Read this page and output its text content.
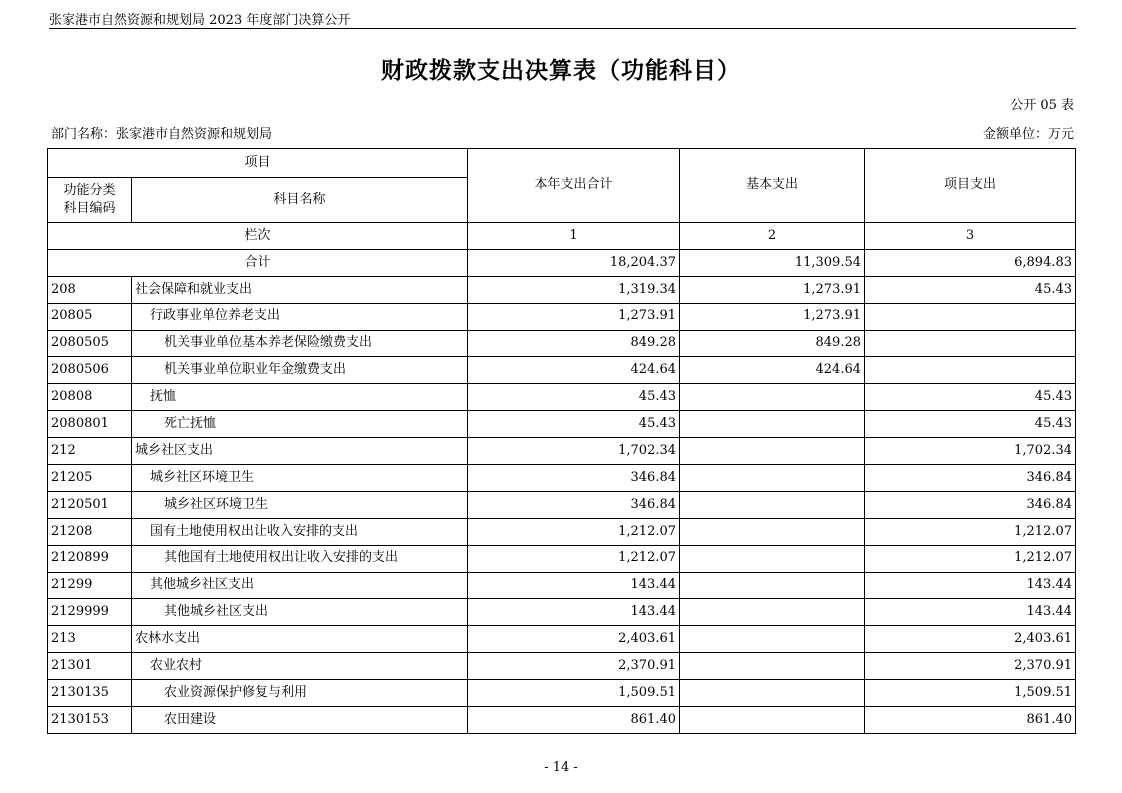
张家港市自然资源和规划局 2023 年度部门决算公开
财政拨款支出决算表（功能科目）
公开 05 表
部门名称：张家港市自然资源和规划局	金额单位：万元
项目		本年支出合计	基本支出	项目支出
功能分类
科目编码	科目名称			
栏次		1	2	3
合计		18,204.37	11,309.54	6,894.83
208	社会保障和就业支出	1,319.34	1,273.91	45.43
20805	行政事业单位养老支出	1,273.91	1,273.91	
2080505	机关事业单位基本养老保险缴费支出	849.28	849.28	
2080506	机关事业单位职业年金缴费支出	424.64	424.64	
20808	抚恤	45.43		45.43
2080801	死亡抚恤	45.43		45.43
212	城乡社区支出	1,702.34		1,702.34
21205	城乡社区环境卫生	346.84		346.84
2120501	城乡社区环境卫生	346.84		346.84
21208	国有土地使用权出让收入安排的支出	1,212.07		1,212.07
2120899	其他国有土地使用权出让收入安排的支出	1,212.07		1,212.07
21299	其他城乡社区支出	143.44		143.44
2129999	其他城乡社区支出	143.44		143.44
213	农林水支出	2,403.61		2,403.61
21301	农业农村	2,370.91		2,370.91
2130135	农业资源保护修复与利用	1,509.51		1,509.51
2130153	农田建设	861.40		861.40
- 14 -
